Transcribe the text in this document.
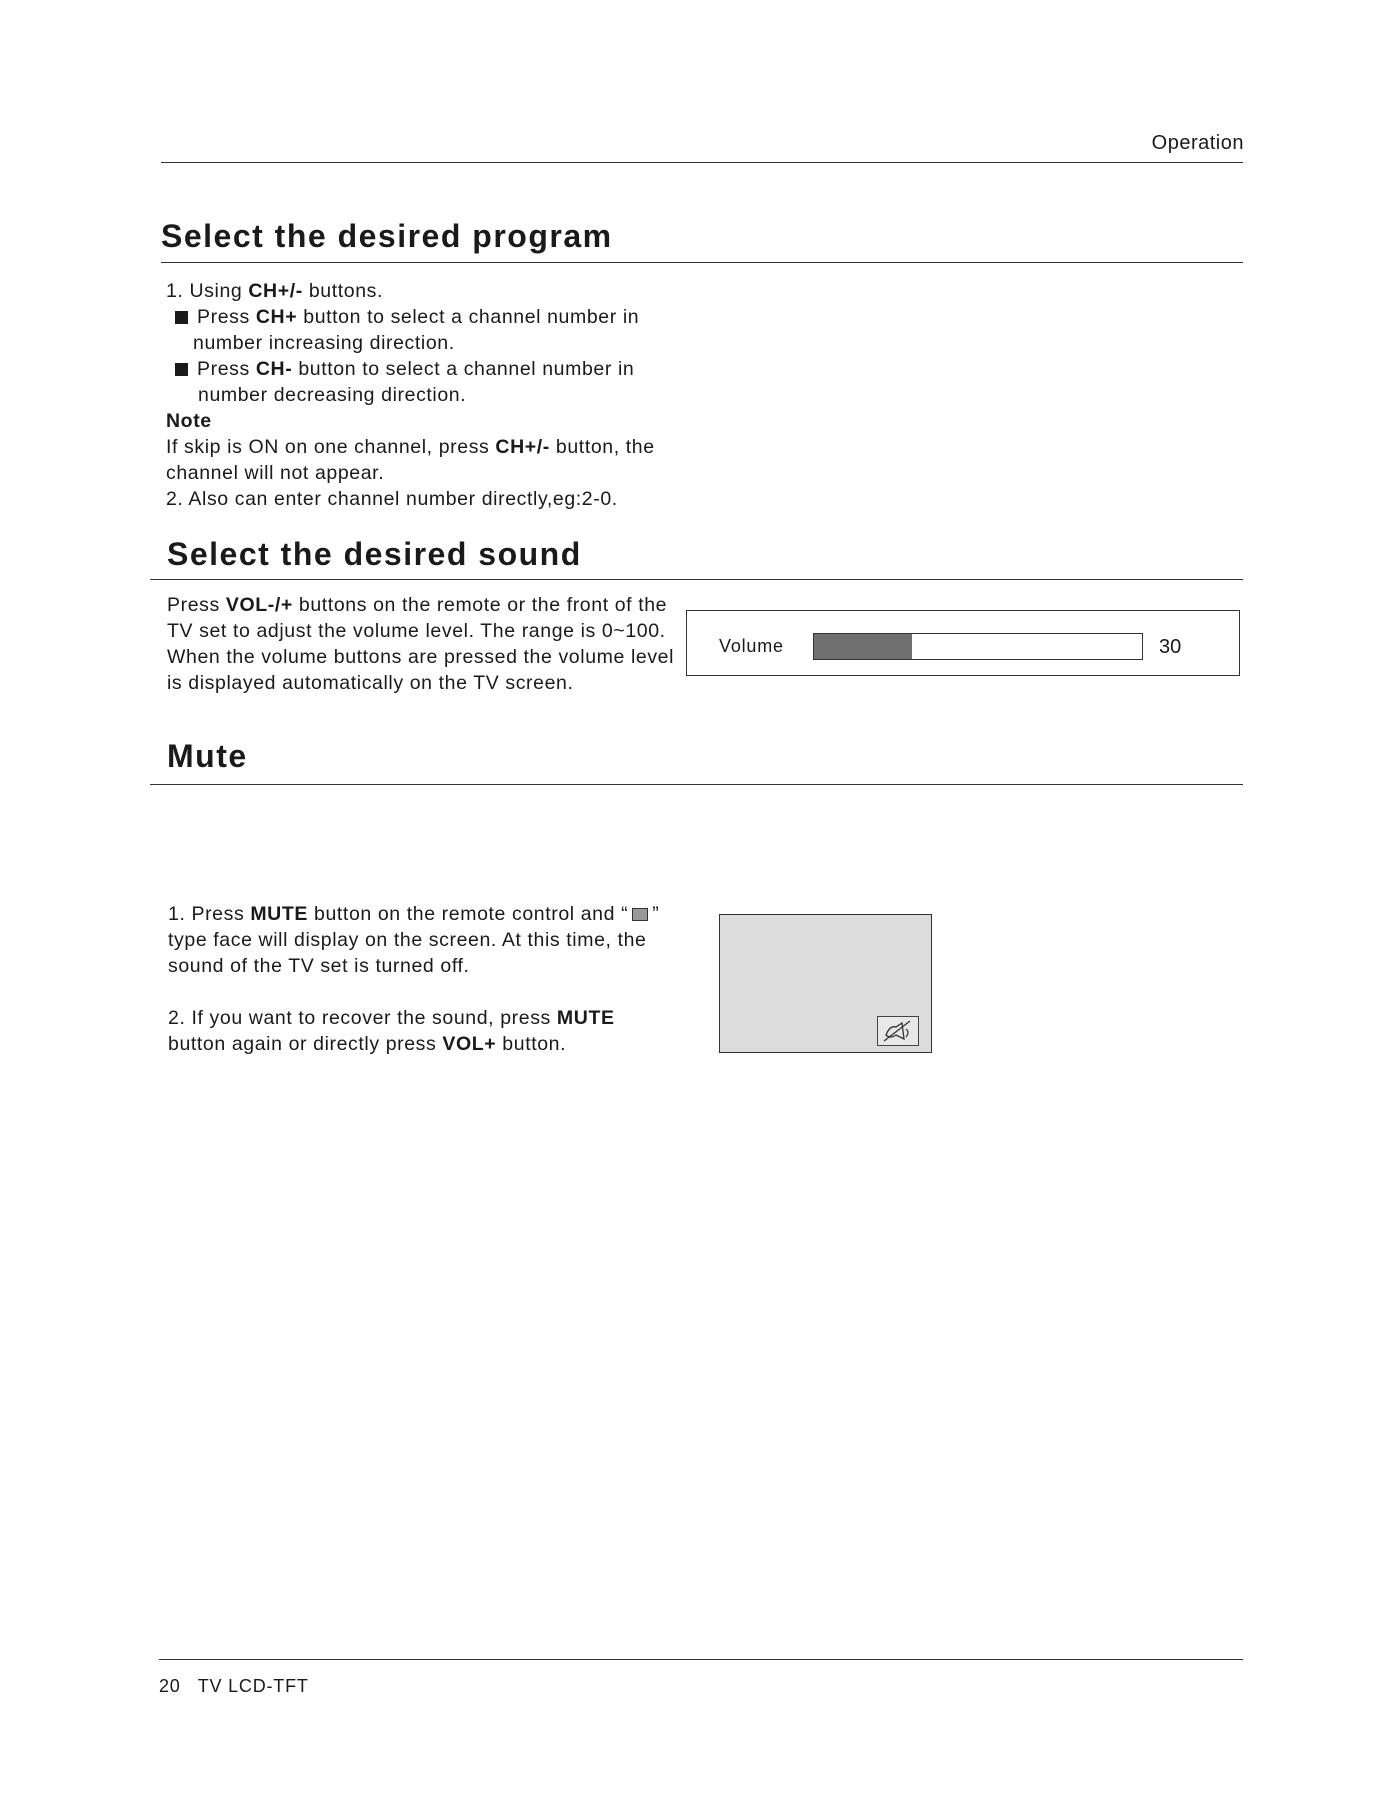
Operation
Select the desired program

1. Using CH+/- buttons.

Press CH+ button to select a channel number in

number increasing direction.

Press CH- button to select a channel number in

number decreasing direction.

Note

If skip is ON on one channel, press CH+/- button, the

channel will not appear.

2. Also can enter channel number directly,eg:2-0.

Select the desired sound

Press VOL-/+ buttons on the remote or the front of the

TV set to adjust the volume level. The range is 0~100.

When the volume buttons are pressed the volume level

is displayed automatically on the TV screen.

Volume	30
Mute

1. Press MUTE button on the remote control and “ ”

type face will display on the screen. At this time, the

sound of the TV set is turned off.

2. If you want to recover the sound, press MUTE

button again or directly press VOL+ button.

20   TV LCD-TFT
